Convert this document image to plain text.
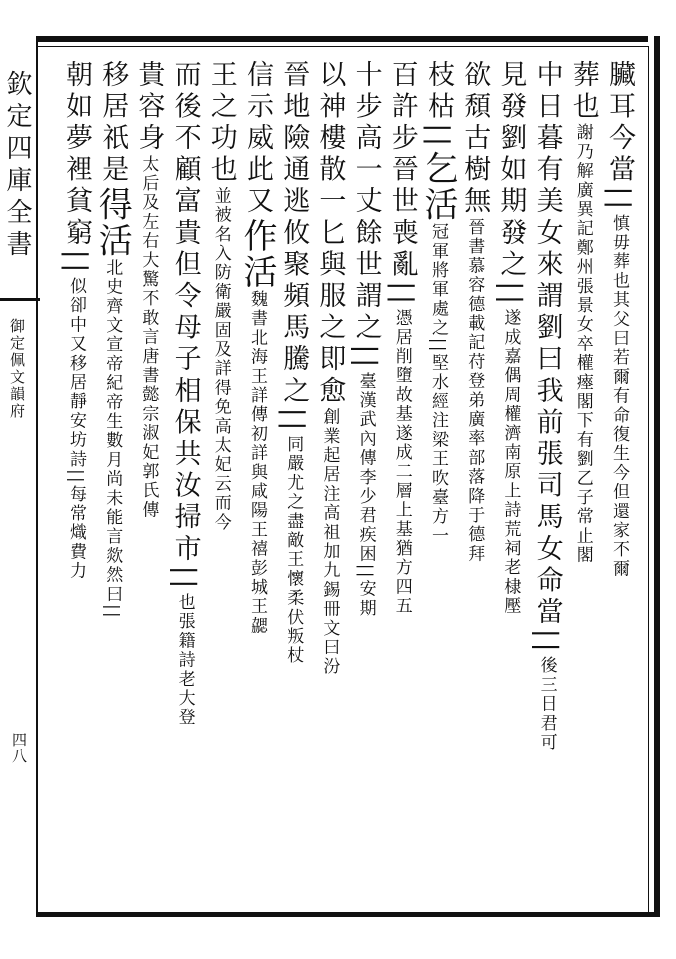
欽定四庫全書
御定佩文韻府
四八
朝如夢裡貧窮||似卻中又移居靜安坊詩||每常熾費力
移居祇是得活北史齊文宣帝紀帝生數月尚未能言欻然曰||
貴容身太后及左右大驚不敢言唐書懿宗淑妃郭氏傳 而後不顧富貴但令母子相保共汝掃市||也張籍詩老大登
王之功也並被名入防衛嚴固及詳得免高太妃云而今
信示威此又作活魏書北海王詳傳初詳與咸陽王禧彭城王勰
晉地險通逃攸聚頻馬騰之||同嚴尤之盡敵王懷柔伏叛杖
以神樓散一匕與服之即愈創業起居注高祖加九錫冊文曰汾
十步高一丈餘世謂之||臺漢武內傳李少君疾困||安期
百許步晉世喪亂||憑居削墮故基遂成二層上基猶方四五
枝枯||乞活冠軍將軍處之||堅水經注梁王吹臺方一
欲頹古樹無晉書慕容德載記苻登弟廣率部落降于德拜
見發劉如期發之||遂成嘉偶周權濟南原上詩荒祠老棣壓 中日暮有美女來謂劉曰我前張司馬女命當||後三日君可
葬也謝乃解廣異記鄭州張景女卒權瘞閣下有劉乙子常止閣 臟耳今當||慎毋葬也其父曰若爾有命復生今但還家不爾
